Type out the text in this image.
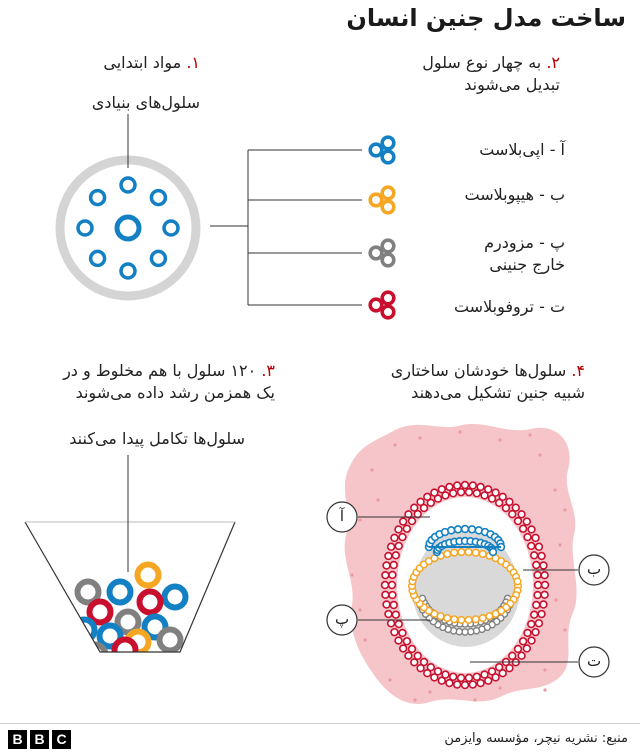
ساخت مدل جنین انسان
۱. مواد ابتدایی
سلول‌های بنیادی
۲. به چهار نوع سلول
تبدیل می‌شوند
آ - اپی‌بلاست
ب - هیپوبلاست
پ - مزودرم
خارج جنینی
ت - تروفوبلاست
۳. ۱۲۰ سلول با هم مخلوط و در
یک همزمن رشد داده می‌شوند
سلول‌ها تکامل پیدا می‌کنند
۴. سلول‌ها خودشان ساختاری
شبیه جنین تشکیل می‌دهند
آ
ب
پ
ت
B B C	منبع: نشریه نیچر، مؤسسه وایزمن
